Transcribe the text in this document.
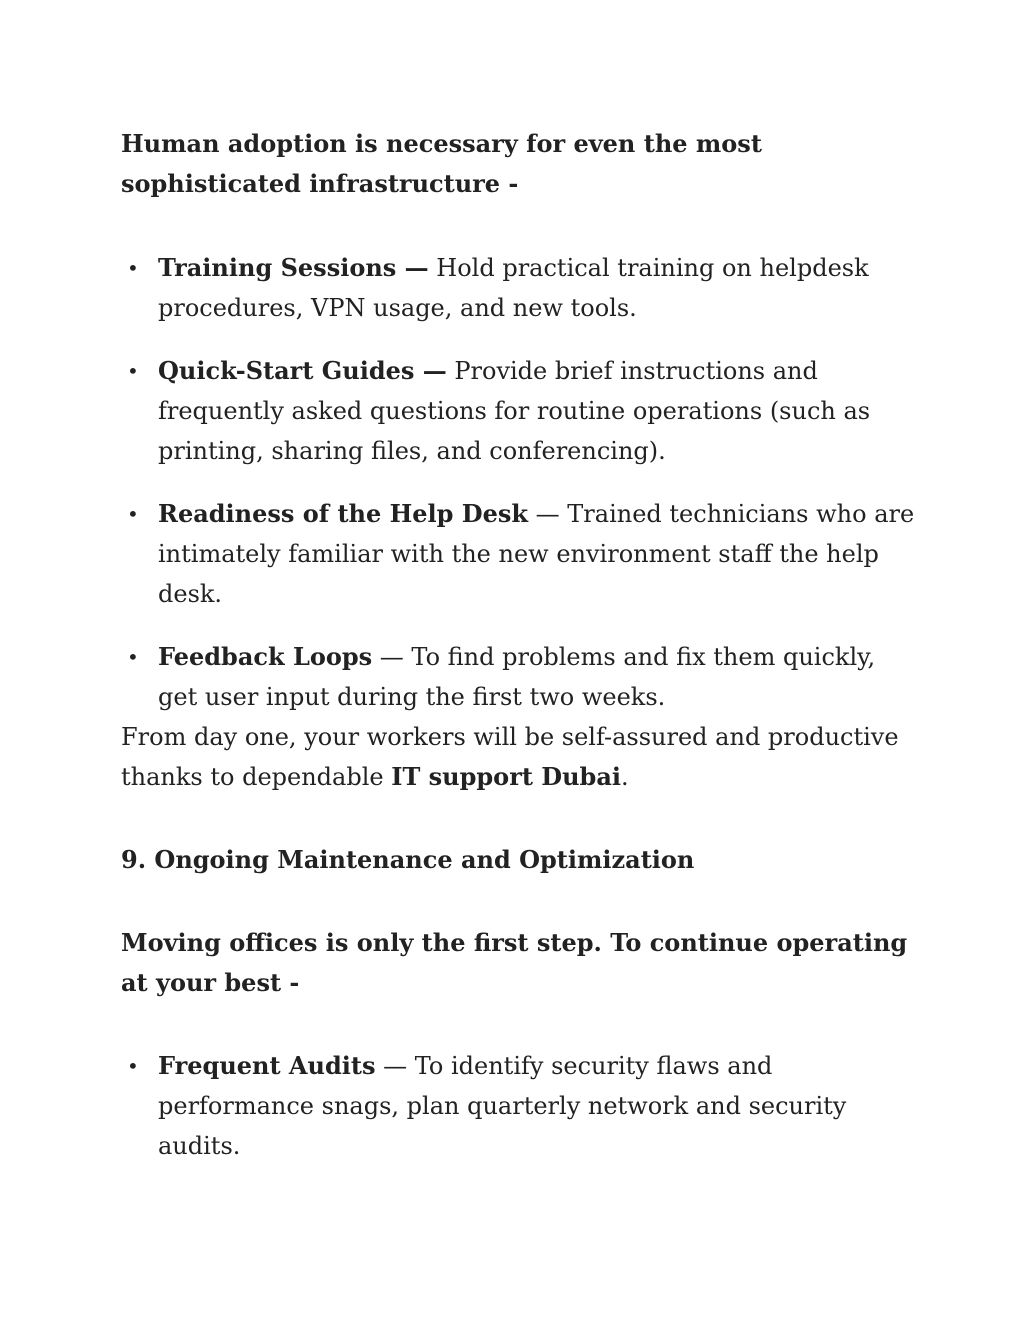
Human adoption is necessary for even the most sophisticated infrastructure -

• Training Sessions — Hold practical training on helpdesk procedures, VPN usage, and new tools.
• Quick-Start Guides — Provide brief instructions and frequently asked questions for routine operations (such as printing, sharing files, and conferencing).
• Readiness of the Help Desk — Trained technicians who are intimately familiar with the new environment staff the help desk.
• Feedback Loops — To find problems and fix them quickly, get user input during the first two weeks.

From day one, your workers will be self-assured and productive thanks to dependable IT support Dubai.

9. Ongoing Maintenance and Optimization

Moving offices is only the first step. To continue operating at your best -

• Frequent Audits — To identify security flaws and performance snags, plan quarterly network and security audits.
